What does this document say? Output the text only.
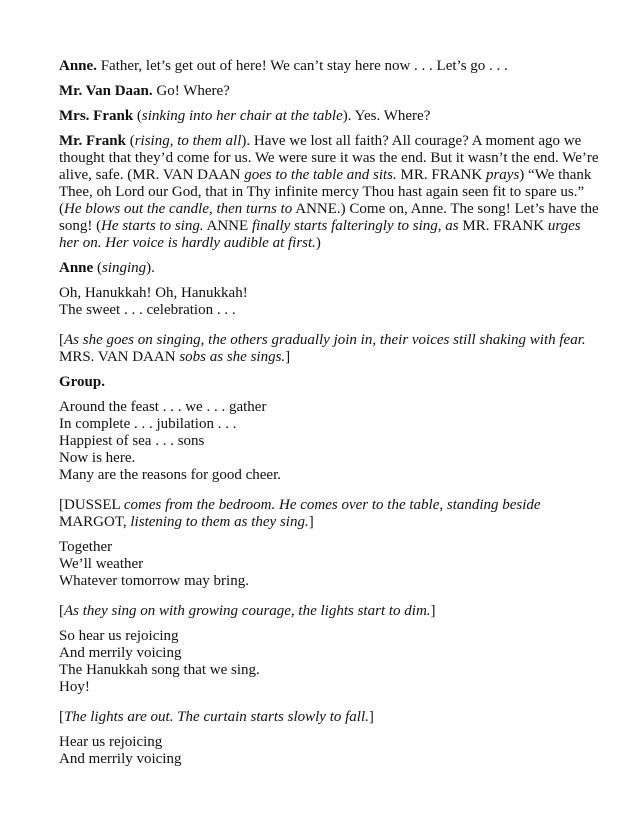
Anne. Father, let’s get out of here! We can’t stay here now . . . Let’s go . . .

Mr. Van Daan. Go! Where?

Mrs. Frank (sinking into her chair at the table). Yes. Where?

Mr. Frank (rising, to them all). Have we lost all faith? All courage? A moment ago we thought that they’d come for us. We were sure it was the end. But it wasn’t the end. We’re alive, safe. (MR. VAN DAAN goes to the table and sits. MR. FRANK prays) “We thank Thee, oh Lord our God, that in Thy infinite mercy Thou hast again seen fit to spare us.” (He blows out the candle, then turns to ANNE.) Come on, Anne. The song! Let’s have the song! (He starts to sing. ANNE finally starts falteringly to sing, as MR. FRANK urges her on. Her voice is hardly audible at first.)

Anne (singing).

Oh, Hanukkah! Oh, Hanukkah!
The sweet . . . celebration . . .

[As she goes on singing, the others gradually join in, their voices still shaking with fear. MRS. VAN DAAN sobs as she sings.]

Group.

Around the feast . . . we . . . gather
In complete . . . jubilation . . .
Happiest of sea . . . sons
Now is here.
Many are the reasons for good cheer.

[DUSSEL comes from the bedroom. He comes over to the table, standing beside MARGOT, listening to them as they sing.]

Together
We’ll weather
Whatever tomorrow may bring.

[As they sing on with growing courage, the lights start to dim.]

So hear us rejoicing
And merrily voicing
The Hanukkah song that we sing.
Hoy!

[The lights are out. The curtain starts slowly to fall.]

Hear us rejoicing
And merrily voicing
